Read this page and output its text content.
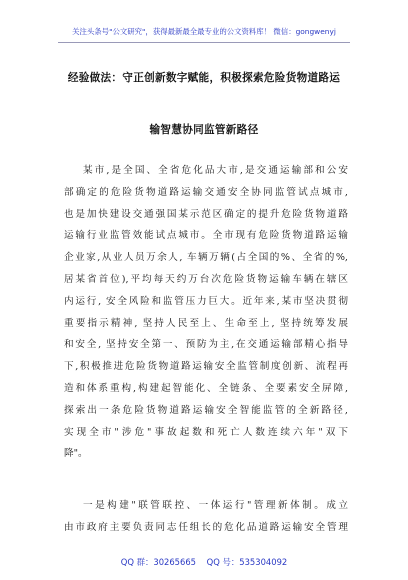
关注头条号"公文研究"，获得最新最全最专业的公文资料库！ 微信：gongwenyj
经验做法：守正创新数字赋能，积极探索危险货物道路运
输智慧协同监管新路径
某市,是全国、全省危化品大市,是交通运输部和公安
部确定的危险货物道路运输交通安全协同监管试点城市,
也是加快建设交通强国某示范区确定的提升危险货物道路
运输行业监管效能试点城市。全市现有危险货物道路运输
企业家,从业人员万余人, 车辆万辆(占全国的%、全省的%,
居某省首位),平均每天约万台次危险货物运输车辆在辖区
内运行, 安全风险和监管压力巨大。近年来,某市坚决贯彻
重要指示精神, 坚持人民至上、生命至上, 坚持统筹发展
和安全, 坚持安全第一、预防为主,在交通运输部精心指导
下,积极推进危险货物道路运输安全监管制度创新、流程再
造和体系重构,构建起智能化、全链条、全要素安全屏障,
探索出一条危险货物道路运输安全智能监管的全新路径,
实现全市"涉危"事故起数和死亡人数连续六年"双下
降"。
一是构建"联管联控、一体运行"管理新体制。成立
由市政府主要负责同志任组长的危化品道路运输安全管理
QQ 群：30265665 QQ 号：535304092
